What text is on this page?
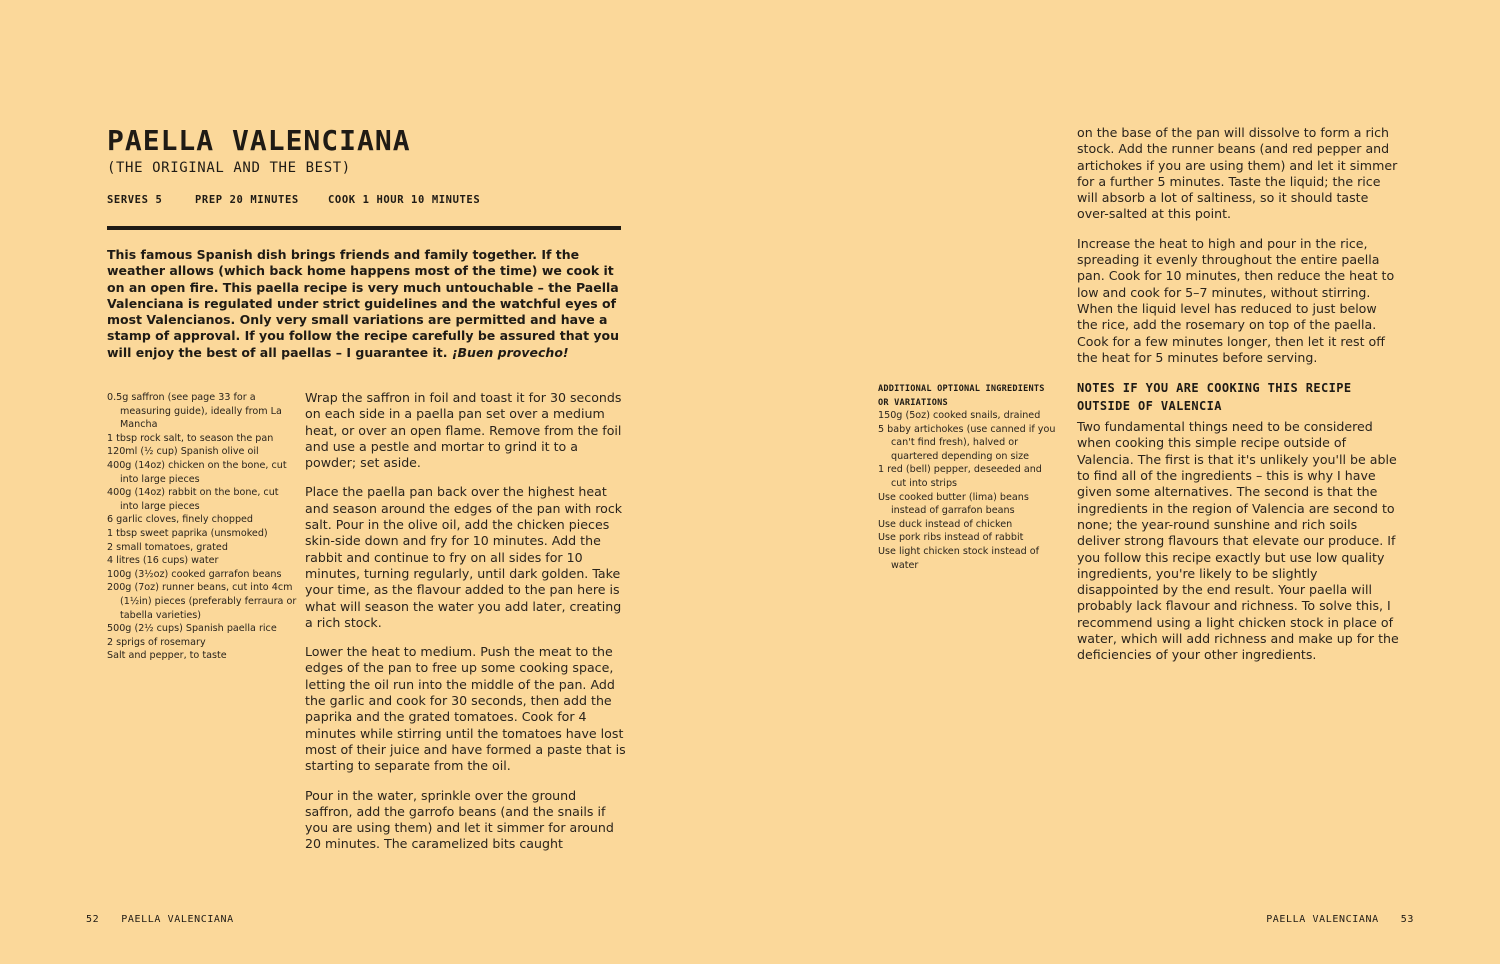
PAELLA VALENCIANA
(THE ORIGINAL AND THE BEST)
SERVES 5	PREP 20 MINUTES	COOK 1 HOUR 10 MINUTES

This famous Spanish dish brings friends and family together. If the weather allows (which back home happens most of the time) we cook it on an open fire. This paella recipe is very much untouchable – the Paella Valenciana is regulated under strict guidelines and the watchful eyes of most Valencianos. Only very small variations are permitted and have a stamp of approval. If you follow the recipe carefully be assured that you will enjoy the best of all paellas – I guarantee it. ¡Buen provecho!

0.5g saffron (see page 33 for a measuring guide), ideally from La Mancha
1 tbsp rock salt, to season the pan
120ml (½ cup) Spanish olive oil
400g (14oz) chicken on the bone, cut into large pieces
400g (14oz) rabbit on the bone, cut into large pieces
6 garlic cloves, finely chopped
1 tbsp sweet paprika (unsmoked)
2 small tomatoes, grated
4 litres (16 cups) water
100g (3½oz) cooked garrafon beans
200g (7oz) runner beans, cut into 4cm (1½in) pieces (preferably ferraura or tabella varieties)
500g (2½ cups) Spanish paella rice
2 sprigs of rosemary
Salt and pepper, to taste

Wrap the saffron in foil and toast it for 30 seconds on each side in a paella pan set over a medium heat, or over an open flame. Remove from the foil and use a pestle and mortar to grind it to a powder; set aside.

Place the paella pan back over the highest heat and season around the edges of the pan with rock salt. Pour in the olive oil, add the chicken pieces skin-side down and fry for 10 minutes. Add the rabbit and continue to fry on all sides for 10 minutes, turning regularly, until dark golden. Take your time, as the flavour added to the pan here is what will season the water you add later, creating a rich stock.

Lower the heat to medium. Push the meat to the edges of the pan to free up some cooking space, letting the oil run into the middle of the pan. Add the garlic and cook for 30 seconds, then add the paprika and the grated tomatoes. Cook for 4 minutes while stirring until the tomatoes have lost most of their juice and have formed a paste that is starting to separate from the oil.

Pour in the water, sprinkle over the ground saffron, add the garrofo beans (and the snails if you are using them) and let it simmer for around 20 minutes. The caramelized bits caught

52 PAELLA VALENCIANA
ADDITIONAL OPTIONAL INGREDIENTS OR VARIATIONS
150g (5oz) cooked snails, drained
5 baby artichokes (use canned if you can't find fresh), halved or quartered depending on size
1 red (bell) pepper, deseeded and cut into strips
Use cooked butter (lima) beans instead of garrafon beans
Use duck instead of chicken
Use pork ribs instead of rabbit
Use light chicken stock instead of water

on the base of the pan will dissolve to form a rich stock. Add the runner beans (and red pepper and artichokes if you are using them) and let it simmer for a further 5 minutes. Taste the liquid; the rice will absorb a lot of saltiness, so it should taste over-salted at this point.

Increase the heat to high and pour in the rice, spreading it evenly throughout the entire paella pan. Cook for 10 minutes, then reduce the heat to low and cook for 5–7 minutes, without stirring. When the liquid level has reduced to just below the rice, add the rosemary on top of the paella. Cook for a few minutes longer, then let it rest off the heat for 5 minutes before serving.

NOTES IF YOU ARE COOKING THIS RECIPE OUTSIDE OF VALENCIA

Two fundamental things need to be considered when cooking this simple recipe outside of Valencia. The first is that it's unlikely you'll be able to find all of the ingredients – this is why I have given some alternatives. The second is that the ingredients in the region of Valencia are second to none; the year-round sunshine and rich soils deliver strong flavours that elevate our produce. If you follow this recipe exactly but use low quality ingredients, you're likely to be slightly disappointed by the end result. Your paella will probably lack flavour and richness. To solve this, I recommend using a light chicken stock in place of water, which will add richness and make up for the deficiencies of your other ingredients.

PAELLA VALENCIANA 53
